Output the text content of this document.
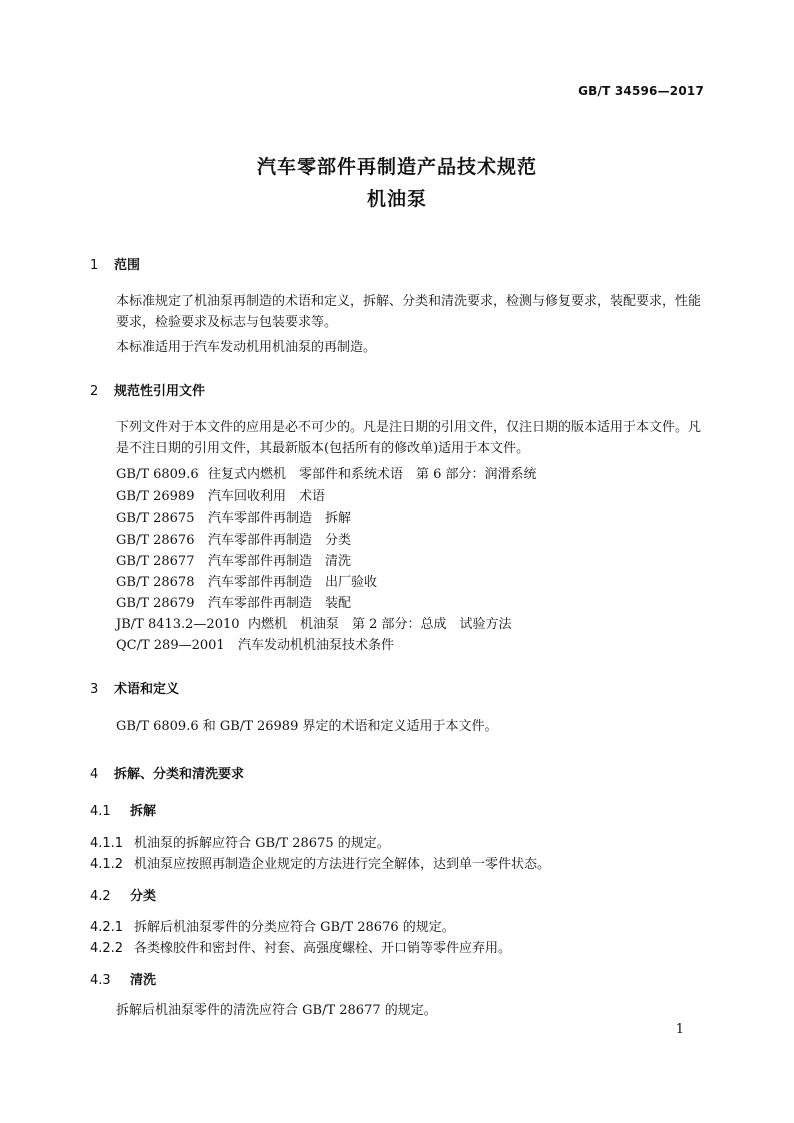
GB/T 34596—2017
汽车零部件再制造产品技术规范
机油泵
1 范围
本标准规定了机油泵再制造的术语和定义，拆解、分类和清洗要求，检测与修复要求，装配要求，性能要求，检验要求及标志与包装要求等。
本标准适用于汽车发动机用机油泵的再制造。
2 规范性引用文件
下列文件对于本文件的应用是必不可少的。凡是注日期的引用文件，仅注日期的版本适用于本文件。凡是不注日期的引用文件，其最新版本(包括所有的修改单)适用于本文件。
GB/T 6809.6 往复式内燃机　零部件和系统术语　第 6 部分：润滑系统
GB/T 26989 汽车回收利用　术语
GB/T 28675 汽车零部件再制造　拆解
GB/T 28676 汽车零部件再制造　分类
GB/T 28677 汽车零部件再制造　清洗
GB/T 28678 汽车零部件再制造　出厂验收
GB/T 28679 汽车零部件再制造　装配
JB/T 8413.2—2010 内燃机　机油泵　第 2 部分：总成　试验方法
QC/T 289—2001 汽车发动机机油泵技术条件
3 术语和定义
GB/T 6809.6 和 GB/T 26989 界定的术语和定义适用于本文件。
4 拆解、分类和清洗要求
4.1 拆解
4.1.1 机油泵的拆解应符合 GB/T 28675 的规定。
4.1.2 机油泵应按照再制造企业规定的方法进行完全解体，达到单一零件状态。
4.2 分类
4.2.1 拆解后机油泵零件的分类应符合 GB/T 28676 的规定。
4.2.2 各类橡胶件和密封件、衬套、高强度螺栓、开口销等零件应弃用。
4.3 清洗
拆解后机油泵零件的清洗应符合 GB/T 28677 的规定。
1
